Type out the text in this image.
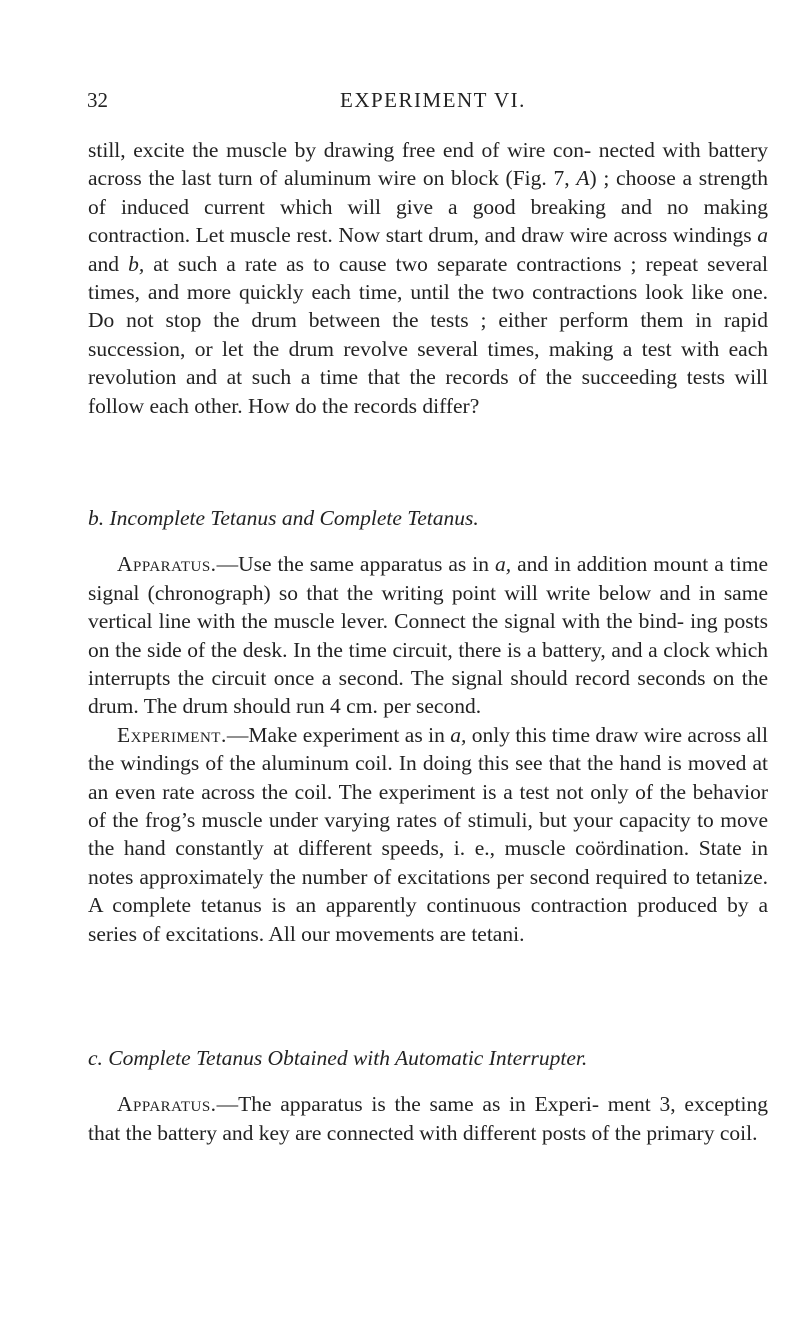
32	EXPERIMENT VI.

still, excite the muscle by drawing free end of wire con- nected with battery across the last turn of aluminum wire on block (Fig. 7, A) ; choose a strength of induced current which will give a good breaking and no making contraction. Let muscle rest. Now start drum, and draw wire across windings a and b, at such a rate as to cause two separate contractions ; repeat several times, and more quickly each time, until the two contractions look like one. Do not stop the drum between the tests ; either perform them in rapid succession, or let the drum revolve several times, making a test with each revolution and at such a time that the records of the succeeding tests will follow each other. How do the records differ?

b. Incomplete Tetanus and Complete Tetanus.

Apparatus.—Use the same apparatus as in a, and in addition mount a time signal (chronograph) so that the writing point will write below and in same vertical line with the muscle lever. Connect the signal with the bind- ing posts on the side of the desk. In the time circuit, there is a battery, and a clock which interrupts the circuit once a second. The signal should record seconds on the drum. The drum should run 4 cm. per second.

Experiment.—Make experiment as in a, only this time draw wire across all the windings of the aluminum coil. In doing this see that the hand is moved at an even rate across the coil. The experiment is a test not only of the behavior of the frog’s muscle under varying rates of stimuli, but your capacity to move the hand constantly at different speeds, i. e., muscle coördination. State in notes approximately the number of excitations per second required to tetanize. A complete tetanus is an apparently continuous contraction produced by a series of excitations. All our movements are tetani.

c. Complete Tetanus Obtained with Automatic Interrupter.

Apparatus.—The apparatus is the same as in Experi- ment 3, excepting that the battery and key are connected with different posts of the primary coil.
